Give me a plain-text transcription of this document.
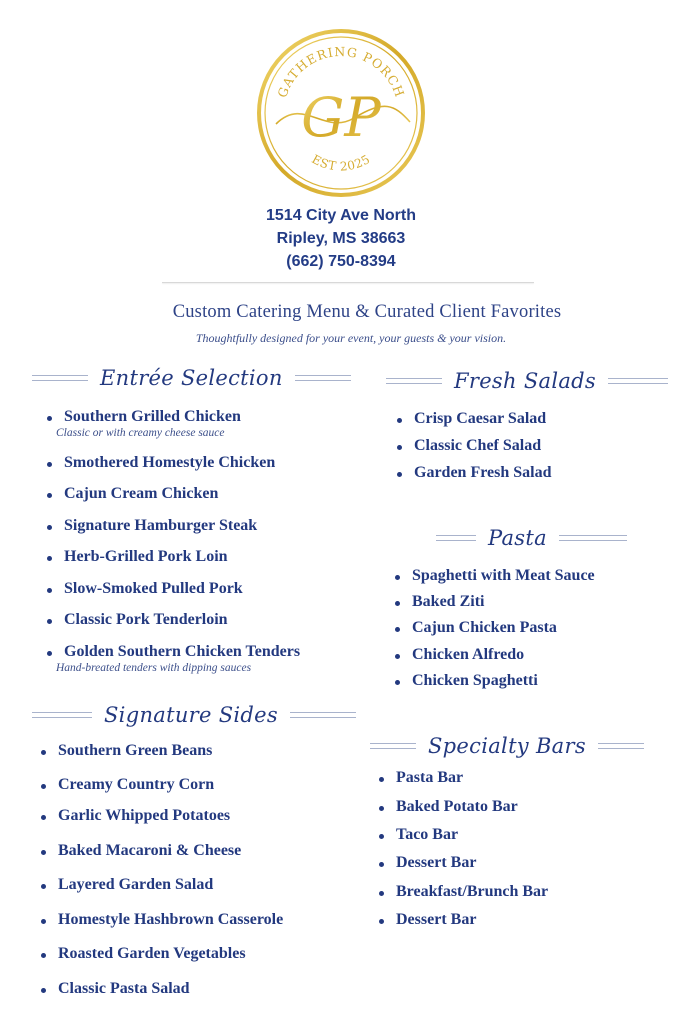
GATHERING PORCH
GP
EST 2025
1514 City Ave North
Ripley, MS 38663
(662) 750-8394
Custom Catering Menu & Curated Client Favorites
Thoughtfully designed for your event, your guests & your vision.
Entrée Selection
Southern Grilled Chicken
Classic or with creamy cheese sauce
Smothered Homestyle Chicken
Cajun Cream Chicken
Signature Hamburger Steak
Herb-Grilled Pork Loin
Slow-Smoked Pulled Pork
Classic Pork Tenderloin
Golden Southern Chicken Tenders
Hand-breated tenders with dipping sauces
Signature Sides
Southern Green Beans
Creamy Country Corn
Garlic Whipped Potatoes
Baked Macaroni & Cheese
Layered Garden Salad
Homestyle Hashbrown Casserole
Roasted Garden Vegetables
Classic Pasta Salad
Fresh Salads
Crisp Caesar Salad
Classic Chef Salad
Garden Fresh Salad
Pasta
Spaghetti with Meat Sauce
Baked Ziti
Cajun Chicken Pasta
Chicken Alfredo
Chicken Spaghetti
Specialty Bars
Pasta Bar
Baked Potato Bar
Taco Bar
Dessert Bar
Breakfast/Brunch Bar
Dessert Bar
